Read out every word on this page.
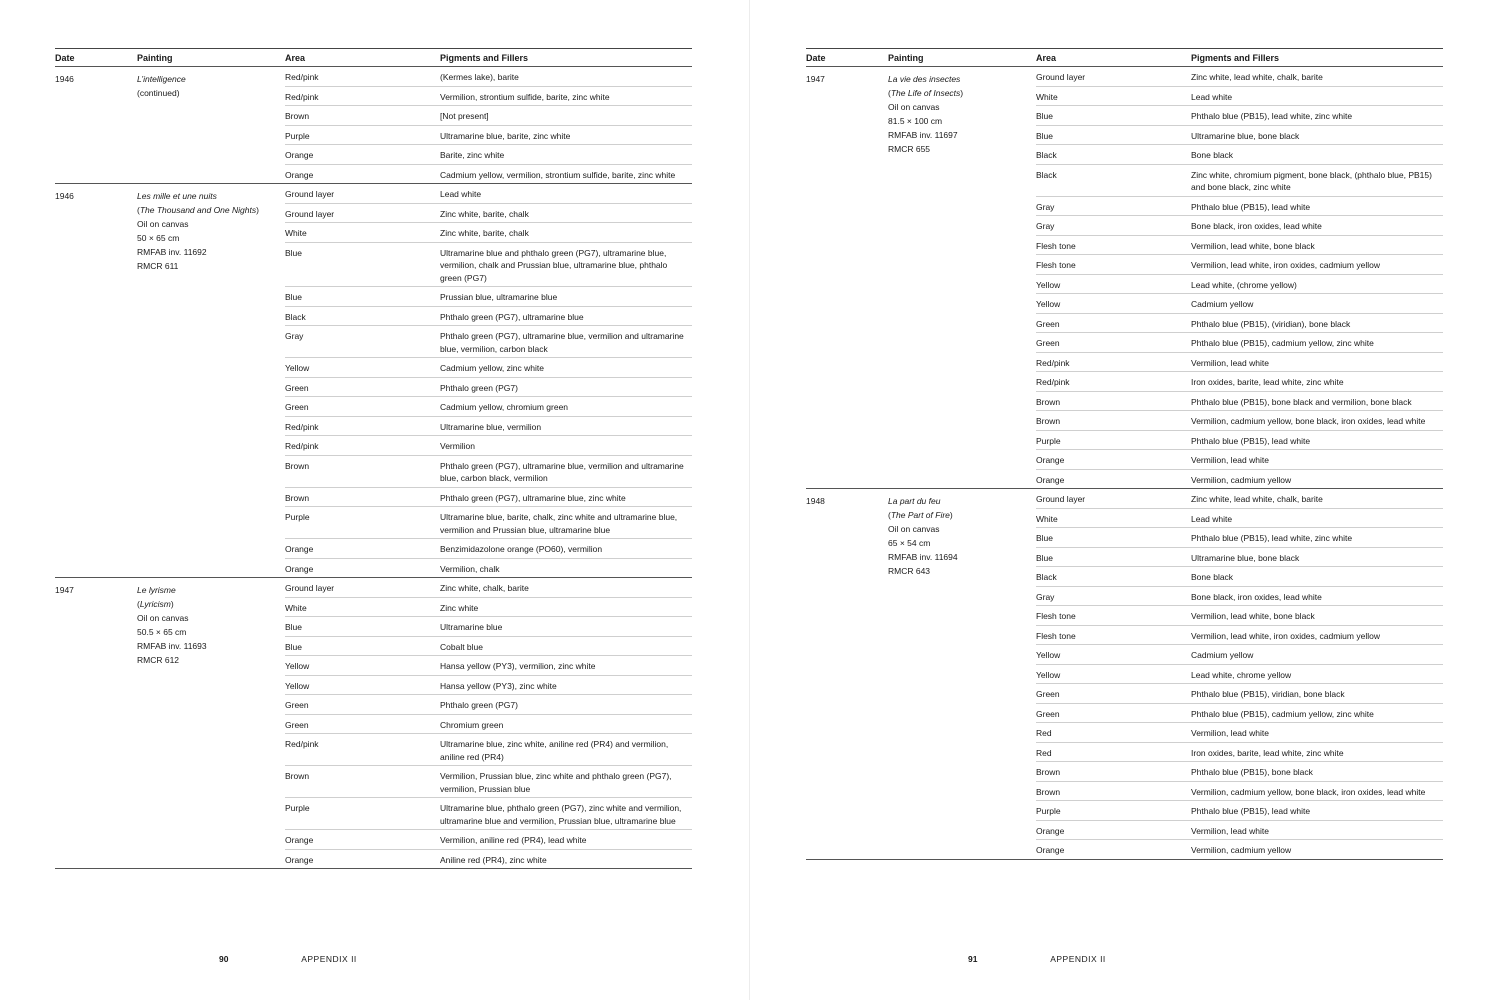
Date	Painting	Area	Pigments and Fillers
1946	L’intelligence
(continued)
Red/pink	(Kermes lake), barite
Red/pink	Vermilion, strontium sulfide, barite, zinc white
Brown	[Not present]
Purple	Ultramarine blue, barite, zinc white
Orange	Barite, zinc white
Orange	Cadmium yellow, vermilion, strontium sulfide, barite, zinc white
1946	Les mille et une nuits
(The Thousand and One Nights)
Oil on canvas
50 × 65 cm
RMFAB inv. 11692
RMCR 611
Ground layer	Lead white
Ground layer	Zinc white, barite, chalk
White	Zinc white, barite, chalk
Blue	Ultramarine blue and phthalo green (PG7), ultramarine blue, vermilion, chalk and Prussian blue, ultramarine blue, phthalo green (PG7)
Blue	Prussian blue, ultramarine blue
Black	Phthalo green (PG7), ultramarine blue
Gray	Phthalo green (PG7), ultramarine blue, vermilion and ultramarine blue, vermilion, carbon black
Yellow	Cadmium yellow, zinc white
Green	Phthalo green (PG7)
Green	Cadmium yellow, chromium green
Red/pink	Ultramarine blue, vermilion
Red/pink	Vermilion
Brown	Phthalo green (PG7), ultramarine blue, vermilion and ultramarine blue, carbon black, vermilion
Brown	Phthalo green (PG7), ultramarine blue, zinc white
Purple	Ultramarine blue, barite, chalk, zinc white and ultramarine blue, vermilion and Prussian blue, ultramarine blue
Orange	Benzimidazolone orange (PO60), vermilion
Orange	Vermilion, chalk
1947	Le lyrisme
(Lyricism)
Oil on canvas
50.5 × 65 cm
RMFAB inv. 11693
RMCR 612
Ground layer	Zinc white, chalk, barite
White	Zinc white
Blue	Ultramarine blue
Blue	Cobalt blue
Yellow	Hansa yellow (PY3), vermilion, zinc white
Yellow	Hansa yellow (PY3), zinc white
Green	Phthalo green (PG7)
Green	Chromium green
Red/pink	Ultramarine blue, zinc white, aniline red (PR4) and vermilion, aniline red (PR4)
Brown	Vermilion, Prussian blue, zinc white and phthalo green (PG7), vermilion, Prussian blue
Purple	Ultramarine blue, phthalo green (PG7), zinc white and vermilion, ultramarine blue and vermilion, Prussian blue, ultramarine blue
Orange	Vermilion, aniline red (PR4), lead white
Orange	Aniline red (PR4), zinc white
Date	Painting	Area	Pigments and Fillers
1947	La vie des insectes
(The Life of Insects)
Oil on canvas
81.5 × 100 cm
RMFAB inv. 11697
RMCR 655
Ground layer	Zinc white, lead white, chalk, barite
White	Lead white
Blue	Phthalo blue (PB15), lead white, zinc white
Blue	Ultramarine blue, bone black
Black	Bone black
Black	Zinc white, chromium pigment, bone black, (phthalo blue, PB15) and bone black, zinc white
Gray	Phthalo blue (PB15), lead white
Gray	Bone black, iron oxides, lead white
Flesh tone	Vermilion, lead white, bone black
Flesh tone	Vermilion, lead white, iron oxides, cadmium yellow
Yellow	Lead white, (chrome yellow)
Yellow	Cadmium yellow
Green	Phthalo blue (PB15), (viridian), bone black
Green	Phthalo blue (PB15), cadmium yellow, zinc white
Red/pink	Vermilion, lead white
Red/pink	Iron oxides, barite, lead white, zinc white
Brown	Phthalo blue (PB15), bone black and vermilion, bone black
Brown	Vermilion, cadmium yellow, bone black, iron oxides, lead white
Purple	Phthalo blue (PB15), lead white
Orange	Vermilion, lead white
Orange	Vermilion, cadmium yellow
1948	La part du feu
(The Part of Fire)
Oil on canvas
65 × 54 cm
RMFAB inv. 11694
RMCR 643
Ground layer	Zinc white, lead white, chalk, barite
White	Lead white
Blue	Phthalo blue (PB15), lead white, zinc white
Blue	Ultramarine blue, bone black
Black	Bone black
Gray	Bone black, iron oxides, lead white
Flesh tone	Vermilion, lead white, bone black
Flesh tone	Vermilion, lead white, iron oxides, cadmium yellow
Yellow	Cadmium yellow
Yellow	Lead white, chrome yellow
Green	Phthalo blue (PB15), viridian, bone black
Green	Phthalo blue (PB15), cadmium yellow, zinc white
Red	Vermilion, lead white
Red	Iron oxides, barite, lead white, zinc white
Brown	Phthalo blue (PB15), bone black
Brown	Vermilion, cadmium yellow, bone black, iron oxides, lead white
Purple	Phthalo blue (PB15), lead white
Orange	Vermilion, lead white
Orange	Vermilion, cadmium yellow
90	APPENDIX II	91	APPENDIX II
